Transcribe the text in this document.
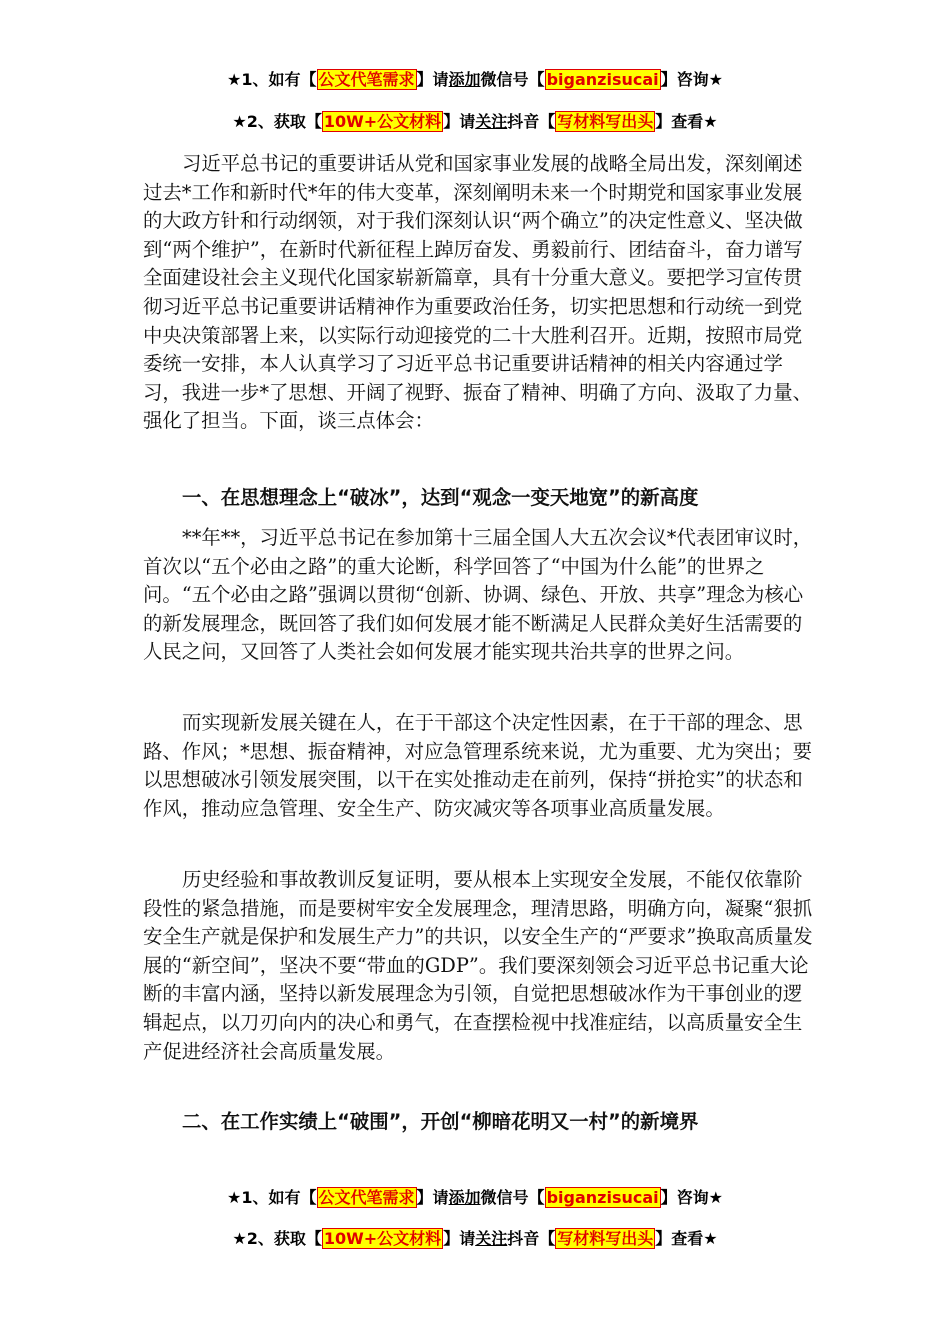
★1、如有【 公文代笔需求 】请添加微信号【 biganzisucai 】咨询★
★2、获取【 10W+公文材料 】请关注抖音【 写材料写出头 】查看★

习近平总书记的重要讲话从党和国家事业发展的战略全局出发，深刻阐述过去*工作和新时代*年的伟大变革，深刻阐明未来一个时期党和国家事业发展的大政方针和行动纲领，对于我们深刻认识“两个确立”的决定性意义、坚决做到“两个维护”，在新时代新征程上踔厉奋发、勇毅前行、团结奋斗，奋力谱写全面建设社会主义现代化国家崭新篇章，具有十分重大意义。要把学习宣传贯彻习近平总书记重要讲话精神作为重要政治任务，切实把思想和行动统一到党中央决策部署上来，以实际行动迎接党的二十大胜利召开。近期，按照市局党委统一安排，本人认真学习了习近平总书记重要讲话精神的相关内容通过学习，我进一步*了思想、开阔了视野、振奋了精神、明确了方向、汲取了力量、强化了担当。下面，谈三点体会：

一、在思想理念上“破冰”，达到“观念一变天地宽”的新高度

**年**，习近平总书记在参加第十三届全国人大五次会议*代表团审议时，首次以“五个必由之路”的重大论断，科学回答了“中国为什么能”的世界之问。“五个必由之路”强调以贯彻“创新、协调、绿色、开放、共享”理念为核心的新发展理念，既回答了我们如何发展才能不断满足人民群众美好生活需要的人民之问，又回答了人类社会如何发展才能实现共治共享的世界之问。

而实现新发展关键在人，在于干部这个决定性因素，在于干部的理念、思路、作风；*思想、振奋精神，对应急管理系统来说，尤为重要、尤为突出；要以思想破冰引领发展突围，以干在实处推动走在前列，保持“拼抢实”的状态和作风，推动应急管理、安全生产、防灾减灾等各项事业高质量发展。

历史经验和事故教训反复证明，要从根本上实现安全发展，不能仅依靠阶段性的紧急措施，而是要树牢安全发展理念，理清思路，明确方向，凝聚“狠抓安全生产就是保护和发展生产力”的共识，以安全生产的“严要求”换取高质量发展的“新空间”，坚决不要“带血的GDP”。我们要深刻领会习近平总书记重大论断的丰富内涵，坚持以新发展理念为引领，自觉把思想破冰作为干事创业的逻辑起点，以刀刃向内的决心和勇气，在查摆检视中找准症结，以高质量安全生产促进经济社会高质量发展。

二、在工作实绩上“破围”，开创“柳暗花明又一村”的新境界
★1、如有【 公文代笔需求 】请添加微信号【 biganzisucai 】咨询★
★2、获取【 10W+公文材料 】请关注抖音【 写材料写出头 】查看★
